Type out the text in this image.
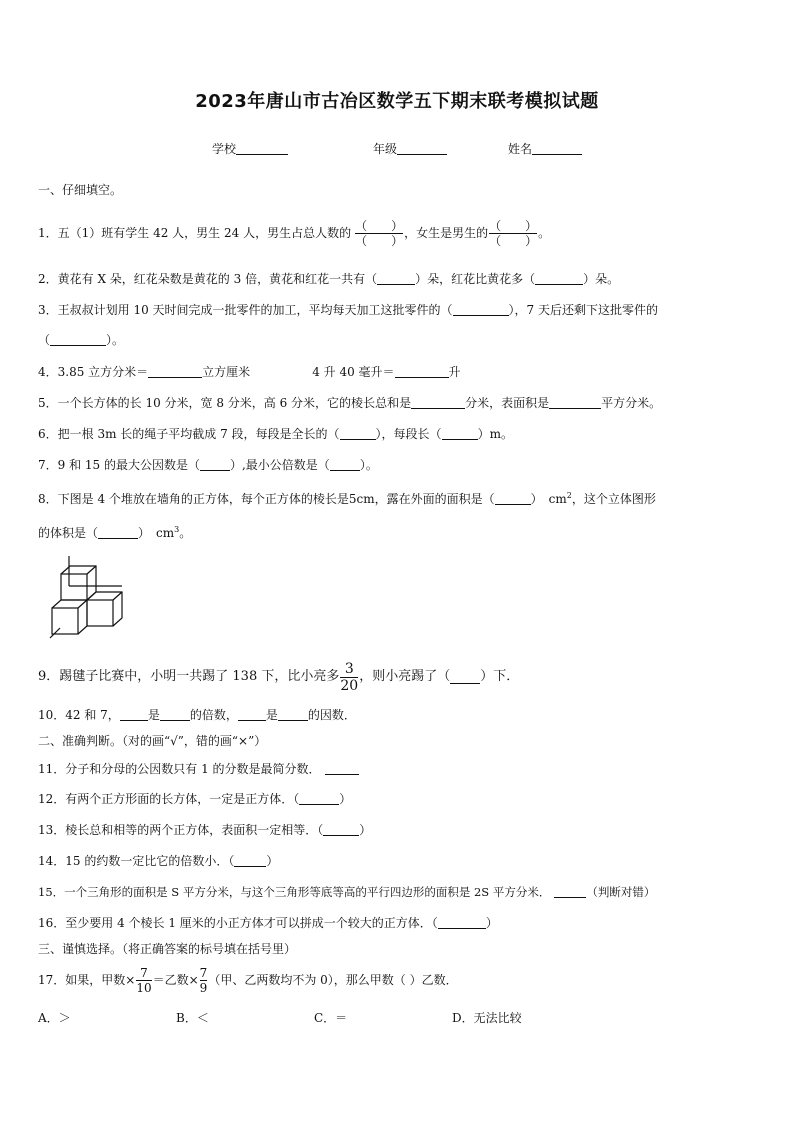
2023年唐山市古冶区数学五下期末联考模拟试题
学校	年级	姓名
一、仔细填空。
1．五（1）班有学生 42 人，男生 24 人，男生占总人数的 $\frac{( )}{( )}$ ，女生是男生的 $\frac{( )}{( )}$ 。
2．黄花有 X 朵，红花朵数是黄花的 3 倍，黄花和红花一共有（	）朵，红花比黄花多（	）朵。
3．王叔叔计划用 10 天时间完成一批零件的加工，平均每天加工这批零件的（	），7 天后还剩下这批零件的
（	）。
4．3.85 立方分米＝	立方厘米	4 升 40 毫升＝	升
5．一个长方体的长 10 分米，宽 8 分米，高 6 分米，它的棱长总和是	分米，表面积是	平方分米。
6．把一根 3m 长的绳子平均截成 7 段，每段是全长的（	），每段长（	）m。
7．9 和 15 的最大公因数是（	）,最小公倍数是（	）。
8．下图是 4 个堆放在墙角的正方体，每个正方体的棱长是5cm，露在外面的面积是（	） $cm^2$，这个立体图形
的体积是（	） $cm^3$。
9．踢毽子比赛中，小明一共踢了 138 下，比小亮多 $\frac{3}{20}$ ，则小亮踢了（ ）下．
10．42 和 7， 是	的倍数， 是	的因数．
二、准确判断。（对的画“√”，错的画“×”）
11．分子和分母的公因数只有 1 的分数是最简分数．
12．有两个正方形面的长方体，一定是正方体．（	）
13．棱长总和相等的两个正方体，表面积一定相等．（	）
14．15 的约数一定比它的倍数小．（	）
15．一个三角形的面积是 S 平方分米，与这个三角形等底等高的平行四边形的面积是 2S 平方分米．	（判断对错）
16．至少要用 4 个棱长 1 厘米的小正方体才可以拼成一个较大的正方体．（	）
三、谨慎选择。（将正确答案的标号填在括号里）
17．如果，甲数× $\frac{7}{10}$ ＝乙数× $\frac{7}{9}$ （甲、乙两数均不为 0），那么甲数（ ）乙数．
A．＞	B．＜	C．＝	D．无法比较
